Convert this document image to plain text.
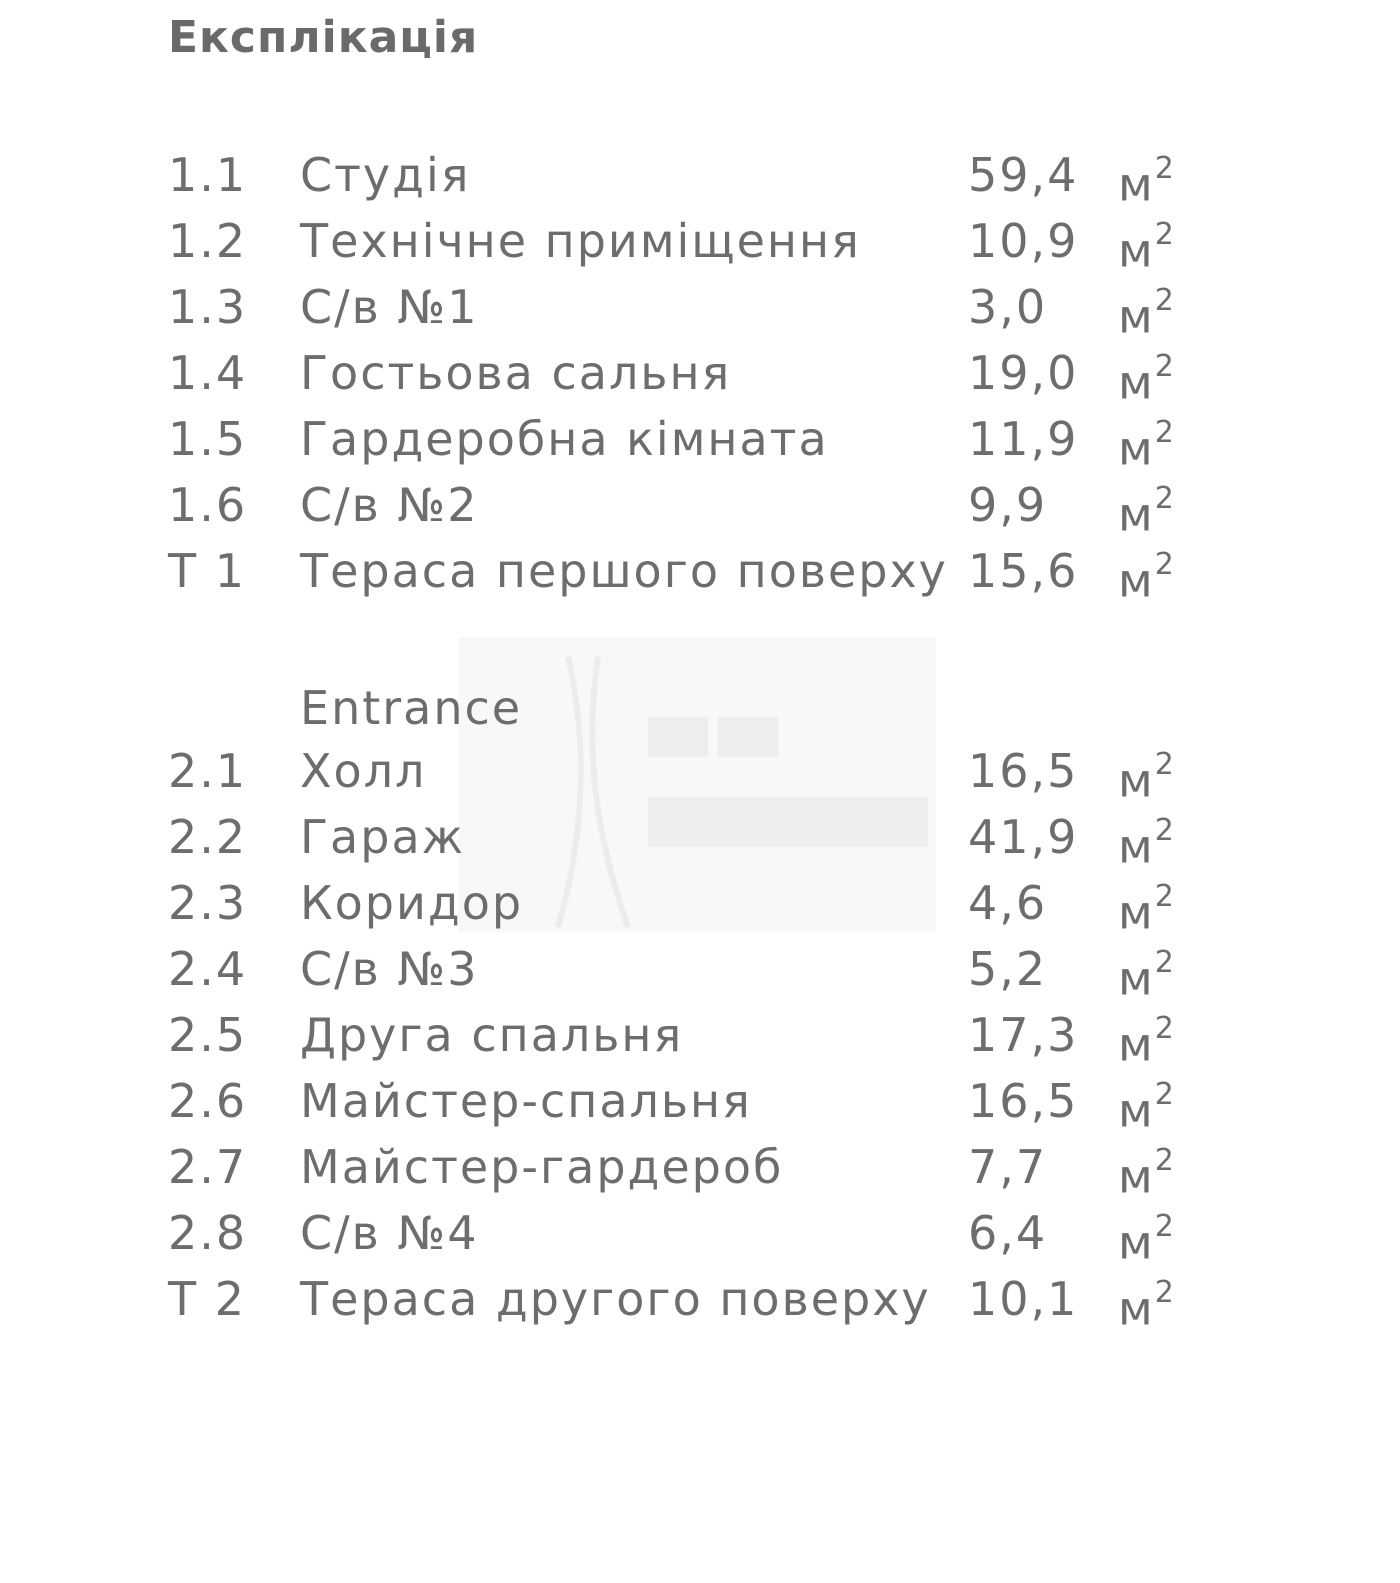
Експлікація
1.1 Студія	59,4 $м^2$
1.2 Технічне приміщення 10,9 $м^2$
1.3 С/в №1	3,0 $м^2$
1.4 Гостьова сальня	19,0 $м^2$
1.5 Гардеробна кімната	11,9 $м^2$
1.6 С/в №2	9,9 $м^2$
Т 1 Тераса першого поверху 15,6 $м^2$
Entrance
2.1 Холл	16,5 $м^2$
2.2 Гараж	41,9 $м^2$
2.3 Коридор	4,6 $м^2$
2.4 С/в №3	5,2 $м^2$
2.5 Друга спальня	17,3 $м^2$
2.6 Майстер-спальня	16,5 $м^2$
2.7 Майстер-гардероб	7,7 $м^2$
2.8 С/в №4	6,4 $м^2$
Т 2 Тераса другого поверху 10,1 $м^2$
